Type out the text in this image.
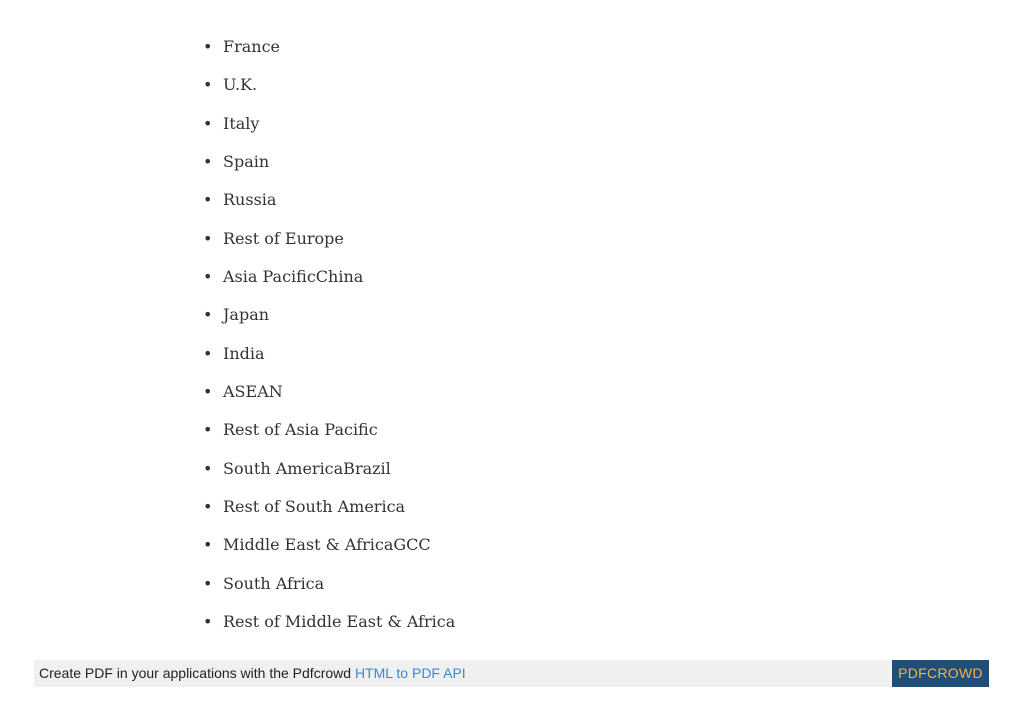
• France
• U.K.
• Italy
• Spain
• Russia
• Rest of Europe
• Asia PacificChina
• Japan
• India
• ASEAN
• Rest of Asia Pacific
• South AmericaBrazil
• Rest of South America
• Middle East & AfricaGCC
• South Africa
• Rest of Middle East & Africa
Create PDF in your applications with the Pdfcrowd HTML to PDF API	PDFCROWD
